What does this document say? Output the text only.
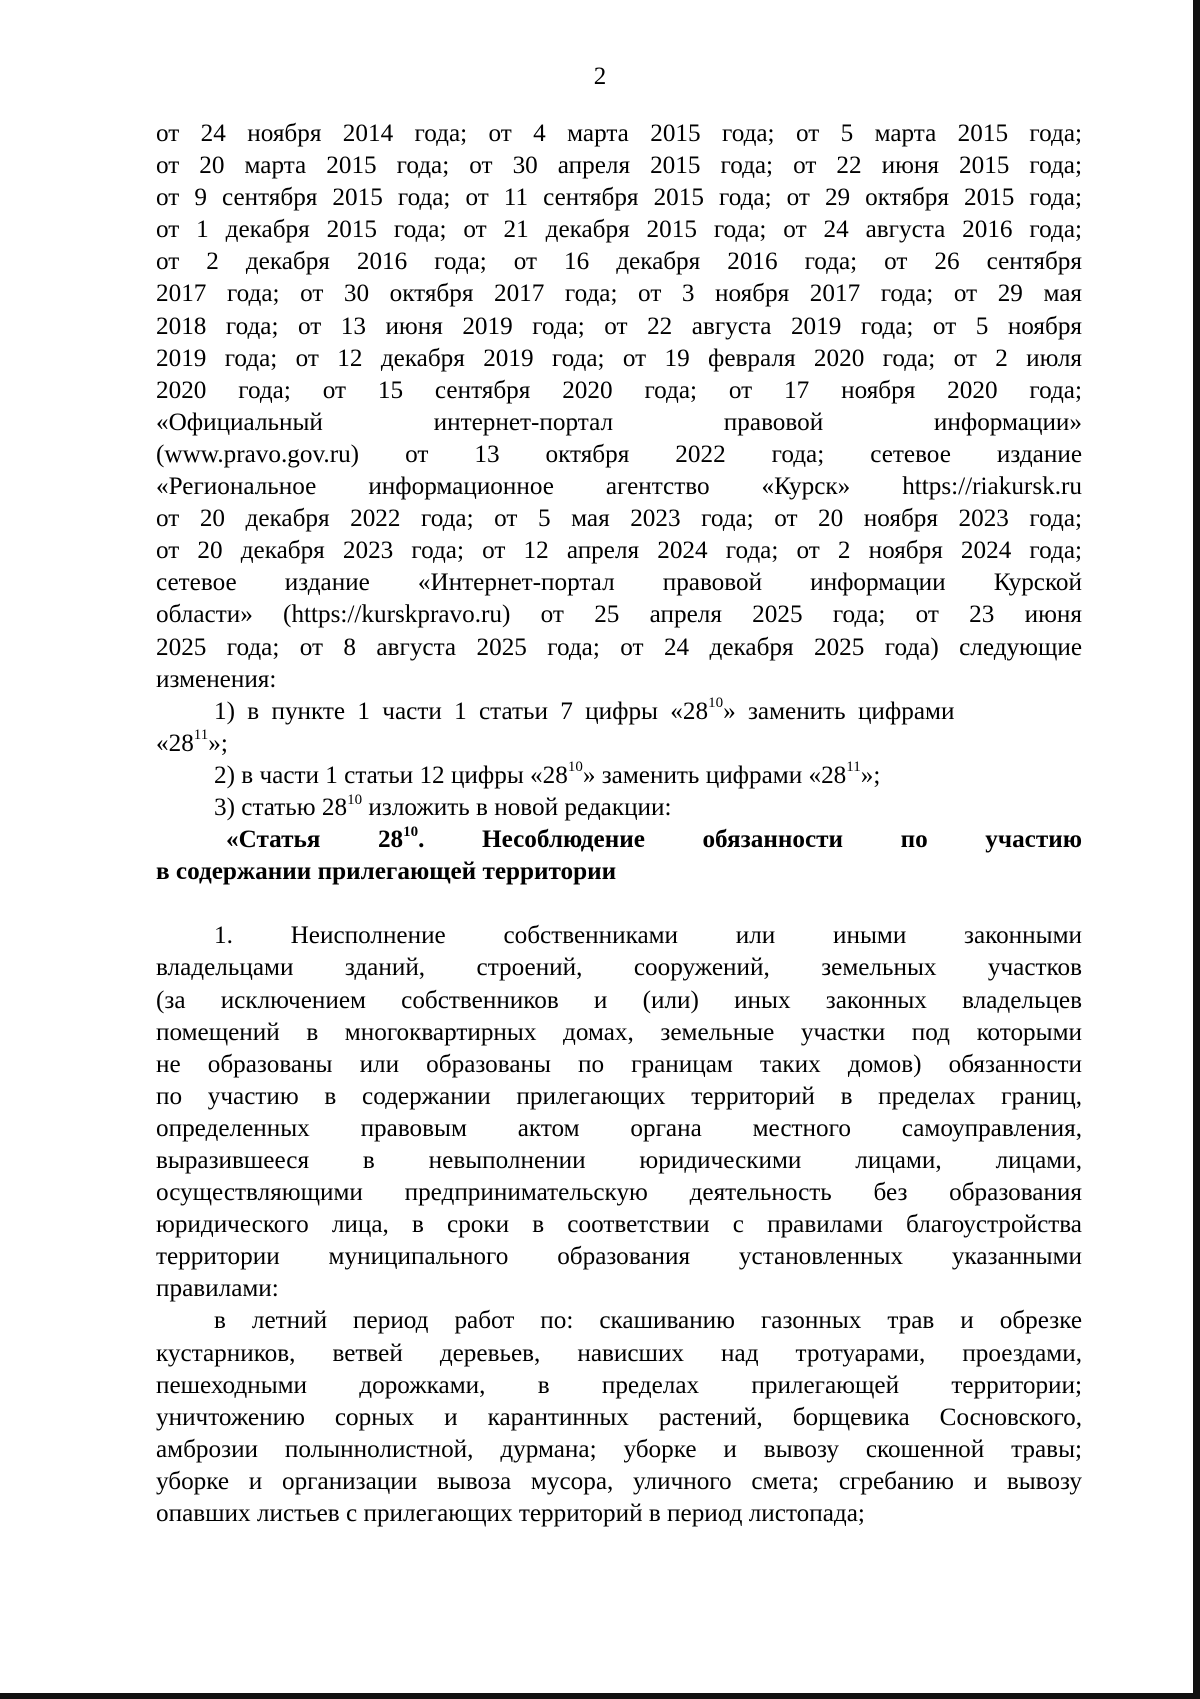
2
от 24 ноября 2014 года; от 4 марта 2015 года; от 5 марта 2015 года;
от 20 марта 2015 года; от 30 апреля 2015 года; от 22 июня 2015 года;
от 9 сентября 2015 года; от 11 сентября 2015 года; от 29 октября 2015 года;
от 1 декабря 2015 года; от 21 декабря 2015 года; от 24 августа 2016 года;
от 2 декабря 2016 года; от 16 декабря 2016 года; от 26 сентября
2017 года; от 30 октября 2017 года; от 3 ноября 2017 года; от 29 мая
2018 года; от 13 июня 2019 года; от 22 августа 2019 года; от 5 ноября
2019 года; от 12 декабря 2019 года; от 19 февраля 2020 года; от 2 июля
2020 года; от 15 сентября 2020 года; от 17 ноября 2020 года;
«Официальный интернет-портал правовой информации»
(www.pravo.gov.ru) от 13 октября 2022 года; сетевое издание
«Региональное информационное агентство «Курск» https://riakursk.ru
от 20 декабря 2022 года; от 5 мая 2023 года; от 20 ноября 2023 года;
от 20 декабря 2023 года; от 12 апреля 2024 года; от 2 ноября 2024 года;
сетевое издание «Интернет-портал правовой информации Курской
области» (https://kurskpravo.ru) от 25 апреля 2025 года; от 23 июня
2025 года; от 8 августа 2025 года; от 24 декабря 2025 года) следующие
изменения:
1) в пункте 1 части 1 статьи 7 цифры «$28^{10}$» заменить цифрами
«$28^{11}$»;
2) в части 1 статьи 12 цифры «$28^{10}$» заменить цифрами «$28^{11}$»;
3) статью $28^{10}$ изложить в новой редакции:
«Статья $28^{10}$. Несоблюдение обязанности по участию
в содержании прилегающей территории
1. Неисполнение собственниками или иными законными
владельцами зданий, строений, сооружений, земельных участков
(за исключением собственников и (или) иных законных владельцев
помещений в многоквартирных домах, земельные участки под которыми
не образованы или образованы по границам таких домов) обязанности
по участию в содержании прилегающих территорий в пределах границ,
определенных правовым актом органа местного самоуправления,
выразившееся в невыполнении юридическими лицами, лицами,
осуществляющими предпринимательскую деятельность без образования
юридического лица, в сроки в соответствии с правилами благоустройства
территории муниципального образования установленных указанными
правилами:
в летний период работ по: скашиванию газонных трав и обрезке
кустарников, ветвей деревьев, нависших над тротуарами, проездами,
пешеходными дорожками, в пределах прилегающей территории;
уничтожению сорных и карантинных растений, борщевика Сосновского,
амброзии полыннолистной, дурмана; уборке и вывозу скошенной травы;
уборке и организации вывоза мусора, уличного смета; сгребанию и вывозу
опавших листьев с прилегающих территорий в период листопада;
